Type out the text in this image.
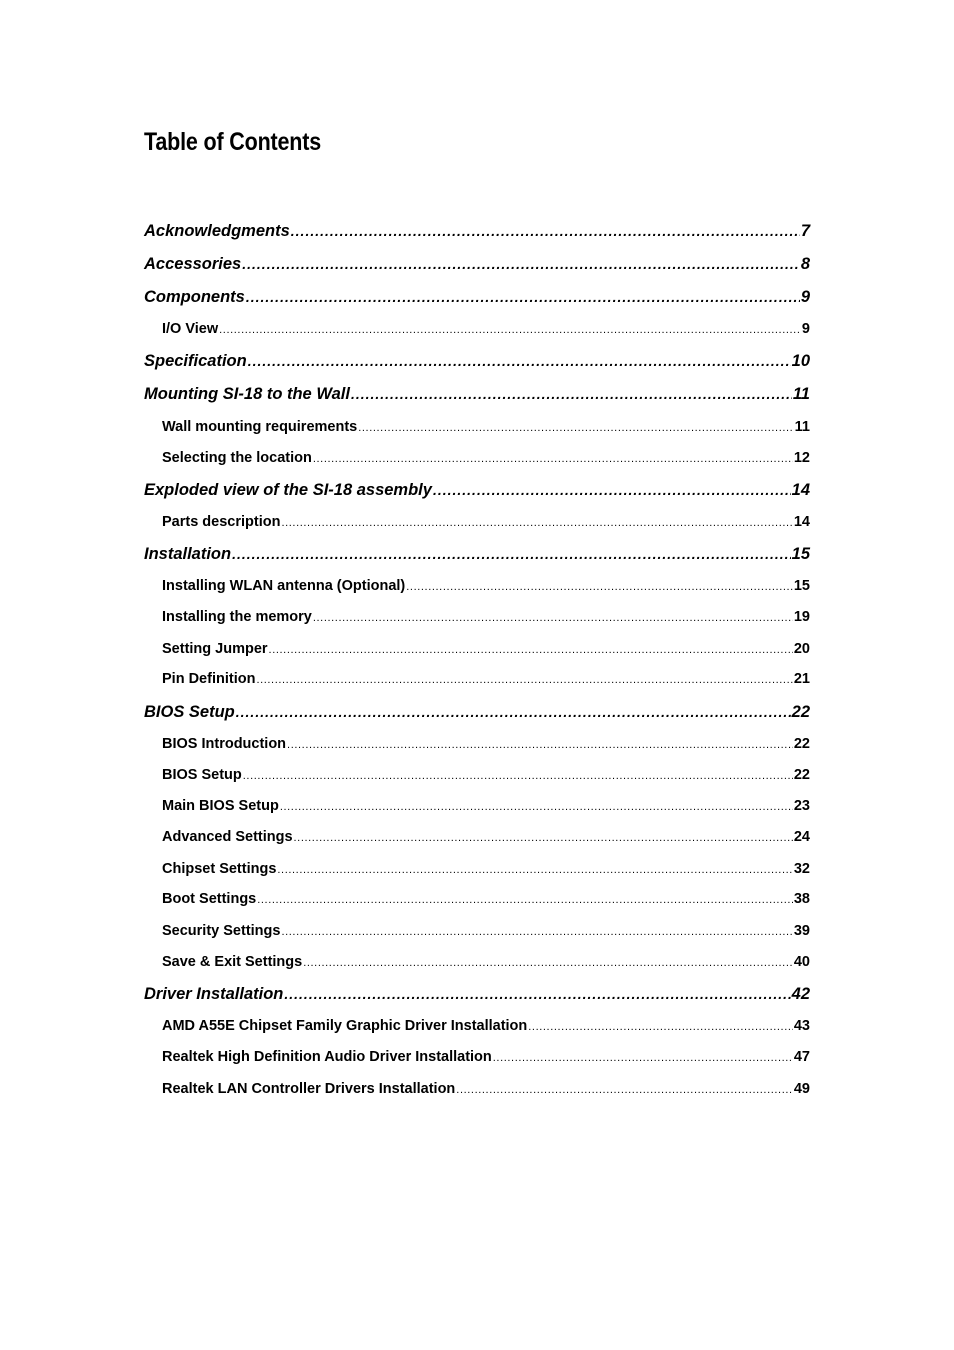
Table of Contents
Acknowledgments .....	7
Accessories .....	8
Components .....	9
I/O View .....	9
Specification .....	10
Mounting SI-18 to the Wall .....	11
Wall mounting requirements .....	11
Selecting the location .....	12
Exploded view of the SI-18 assembly .....	14
Parts description .....	14
Installation .....	15
Installing WLAN antenna (Optional) .....	15
Installing the memory .....	19
Setting Jumper .....	20
Pin Definition .....	21
BIOS Setup .....	22
BIOS Introduction .....	22
BIOS Setup .....	22
Main BIOS Setup .....	23
Advanced Settings .....	24
Chipset Settings .....	32
Boot Settings .....	38
Security Settings .....	39
Save & Exit Settings .....	40
Driver Installation .....	42
AMD A55E Chipset Family Graphic Driver Installation .....	43
Realtek High Definition Audio Driver Installation .....	47
Realtek LAN Controller Drivers Installation .....	49
